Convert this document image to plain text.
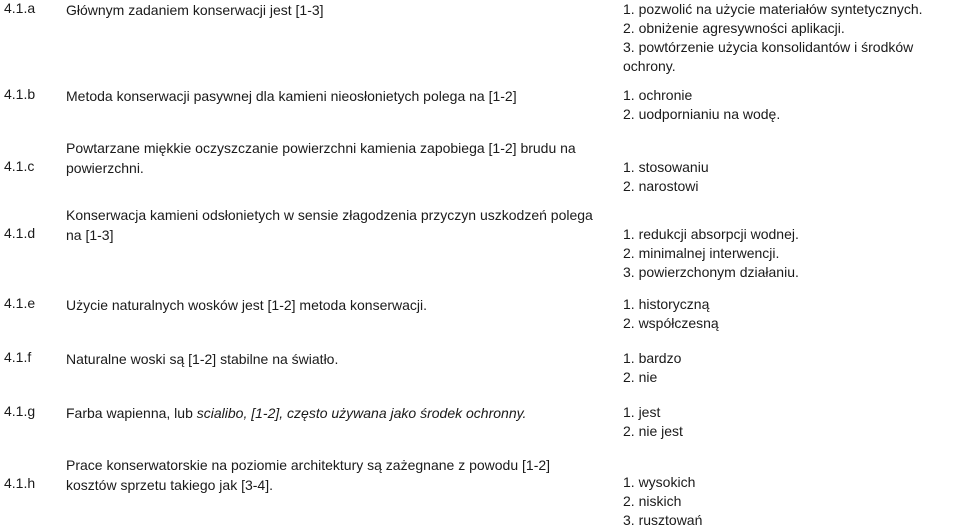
4.1.a Głównym zadaniem konserwacji jest [1-3]	1. pozwolić na użycie materiałów syntetycznych.
2. obniżenie agresywności aplikacji.
3. powtórzenie użycia konsolidantów i środków
ochrony.
4.1.b Metoda konserwacji pasywnej dla kamieni nieosłonietych polega na [1-2]	1. ochronie
2. uodpornianiu na wodę.
4.1.c
Powtarzane miękkie oczyszczanie powierzchni kamienia zapobiega [1-2] brudu na
powierzchni.	1. stosowaniu
2. narostowi
4.1.d
Konserwacja kamieni odsłonietych w sensie złagodzenia przyczyn uszkodzeń polega
na [1-3]	1. redukcji absorpcji wodnej.
2. minimalnej interwencji.
3. powierzchonym działaniu.
4.1.e Użycie naturalnych wosków jest [1-2] metoda konserwacji.	1. historyczną
2. współczesną
4.1.f Naturalne woski są [1-2] stabilne na światło.	1. bardzo
2. nie
4.1.g Farba wapienna, lub scialibo, [1-2], często używana jako środek ochronny.	1. jest
2. nie jest
4.1.h
Prace konserwatorskie na poziomie architektury są zażegnane z powodu [1-2]
kosztów sprzetu takiego jak [3-4].	1. wysokich
2. niskich
3. rusztowań
